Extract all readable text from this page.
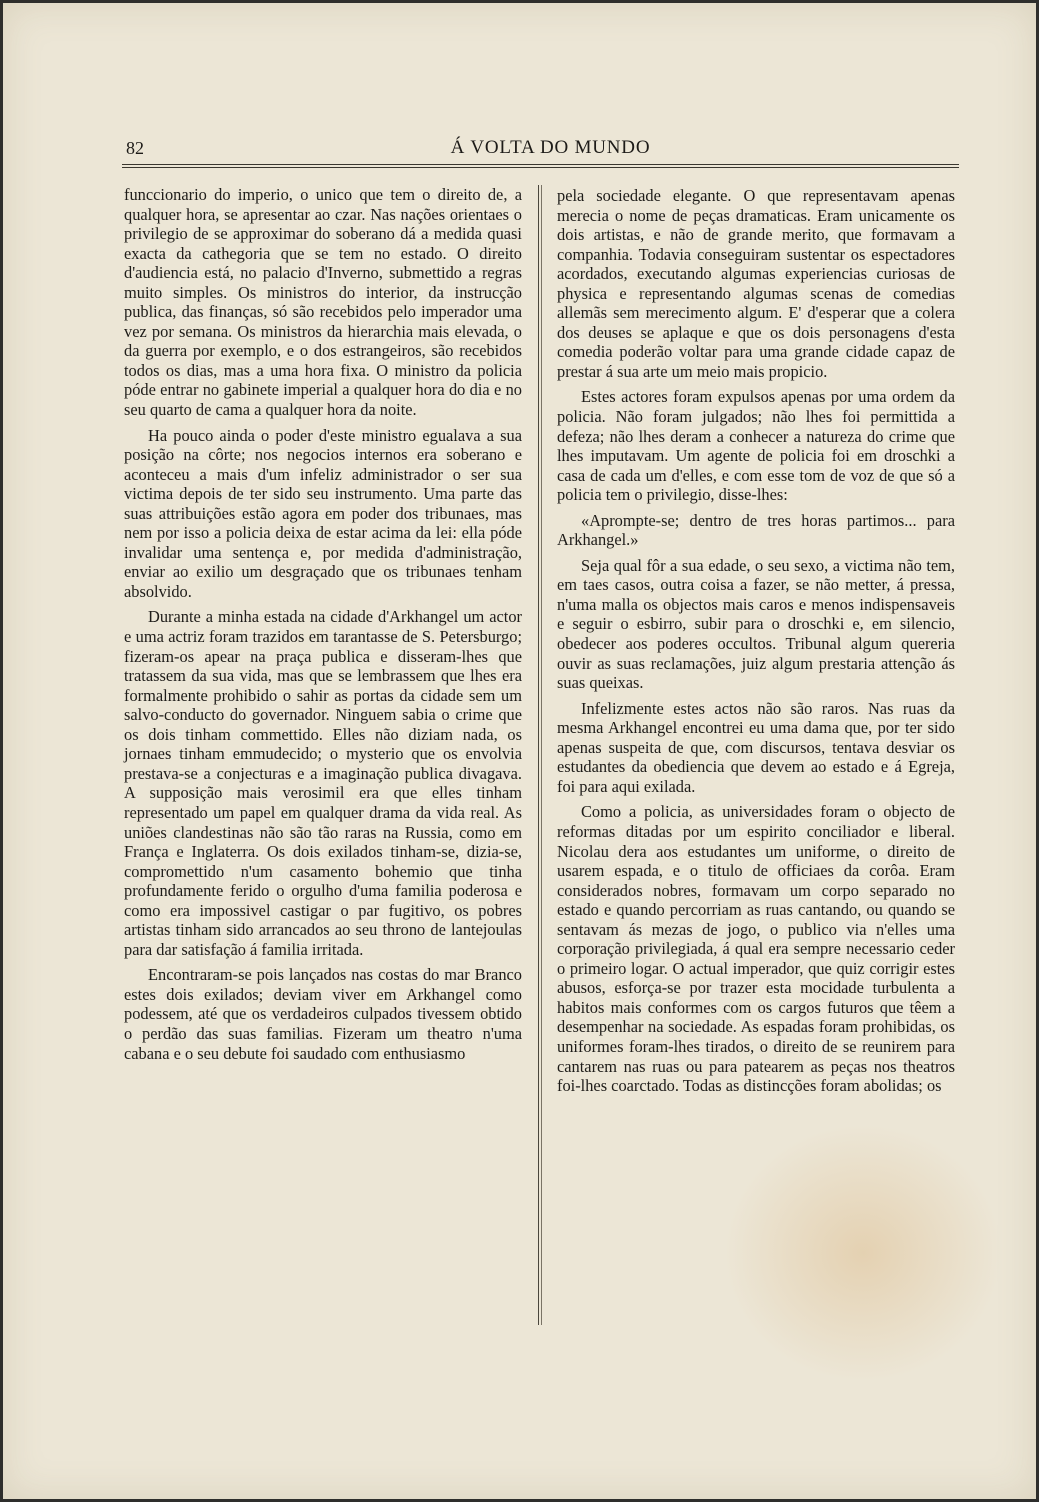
82	Á VOLTA DO MUNDO

funccionario do imperio, o unico que tem o direito de, a qualquer hora, se apresentar ao czar. Nas nações orientaes o privilegio de se approximar do soberano dá a medida quasi exacta da cathegoria que se tem no estado. O direito d'audiencia está, no palacio d'Inverno, submettido a regras muito simples. Os ministros do interior, da instrucção publica, das finanças, só são recebidos pelo imperador uma vez por semana. Os ministros da hierarchia mais elevada, o da guerra por exemplo, e o dos estrangeiros, são recebidos todos os dias, mas a uma hora fixa. O ministro da policia póde entrar no gabinete imperial a qualquer hora do dia e no seu quarto de cama a qualquer hora da noite.

Ha pouco ainda o poder d'este ministro egualava a sua posição na côrte; nos negocios internos era soberano e aconteceu a mais d'um infeliz administrador o ser sua victima depois de ter sido seu instrumento. Uma parte das suas attribuições estão agora em poder dos tribunaes, mas nem por isso a policia deixa de estar acima da lei: ella póde invalidar uma sentença e, por medida d'administração, enviar ao exilio um desgraçado que os tribunaes tenham absolvido.

Durante a minha estada na cidade d'Arkhangel um actor e uma actriz foram trazidos em tarantasse de S. Petersburgo; fizeram-os apear na praça publica e disseram-lhes que tratassem da sua vida, mas que se lembrassem que lhes era formalmente prohibido o sahir as portas da cidade sem um salvo-conducto do governador. Ninguem sabia o crime que os dois tinham commettido. Elles não diziam nada, os jornaes tinham emmudecido; o mysterio que os envolvia prestava-se a conjecturas e a imaginação publica divagava. A supposição mais verosimil era que elles tinham representado um papel em qualquer drama da vida real. As uniões clandestinas não são tão raras na Russia, como em França e Inglaterra. Os dois exilados tinham-se, dizia-se, compromettido n'um casamento bohemio que tinha profundamente ferido o orgulho d'uma familia poderosa e como era impossivel castigar o par fugitivo, os pobres artistas tinham sido arrancados ao seu throno de lantejoulas para dar satisfação á familia irritada.

Encontraram-se pois lançados nas costas do mar Branco estes dois exilados; deviam viver em Arkhangel como podessem, até que os verdadeiros culpados tivessem obtido o perdão das suas familias. Fizeram um theatro n'uma cabana e o seu debute foi saudado com enthusiasmo

pela sociedade elegante. O que representavam apenas merecia o nome de peças dramaticas. Eram unicamente os dois artistas, e não de grande merito, que formavam a companhia. Todavia conseguiram sustentar os espectadores acordados, executando algumas experiencias curiosas de physica e representando algumas scenas de comedias allemãs sem merecimento algum. E' d'esperar que a colera dos deuses se aplaque e que os dois personagens d'esta comedia poderão voltar para uma grande cidade capaz de prestar á sua arte um meio mais propicio.

Estes actores foram expulsos apenas por uma ordem da policia. Não foram julgados; não lhes foi permittida a defeza; não lhes deram a conhecer a natureza do crime que lhes imputavam. Um agente de policia foi em droschki a casa de cada um d'elles, e com esse tom de voz de que só a policia tem o privilegio, disse-lhes:

«Aprompte-se; dentro de tres horas partimos... para Arkhangel.»

Seja qual fôr a sua edade, o seu sexo, a victima não tem, em taes casos, outra coisa a fazer, se não metter, á pressa, n'uma malla os objectos mais caros e menos indispensaveis e seguir o esbirro, subir para o droschki e, em silencio, obedecer aos poderes occultos. Tribunal algum quereria ouvir as suas reclamações, juiz algum prestaria attenção ás suas queixas.

Infelizmente estes actos não são raros. Nas ruas da mesma Arkhangel encontrei eu uma dama que, por ter sido apenas suspeita de que, com discursos, tentava desviar os estudantes da obediencia que devem ao estado e á Egreja, foi para aqui exilada.

Como a policia, as universidades foram o objecto de reformas ditadas por um espirito conciliador e liberal. Nicolau dera aos estudantes um uniforme, o direito de usarem espada, e o titulo de officiaes da corôa. Eram considerados nobres, formavam um corpo separado no estado e quando percorriam as ruas cantando, ou quando se sentavam ás mezas de jogo, o publico via n'elles uma corporação privilegiada, á qual era sempre necessario ceder o primeiro logar. O actual imperador, que quiz corrigir estes abusos, esforça-se por trazer esta mocidade turbulenta a habitos mais conformes com os cargos futuros que têem a desempenhar na sociedade. As espadas foram prohibidas, os uniformes foram-lhes tirados, o direito de se reunirem para cantarem nas ruas ou para patearem as peças nos theatros foi-lhes coarctado. Todas as distincções foram abolidas; os
